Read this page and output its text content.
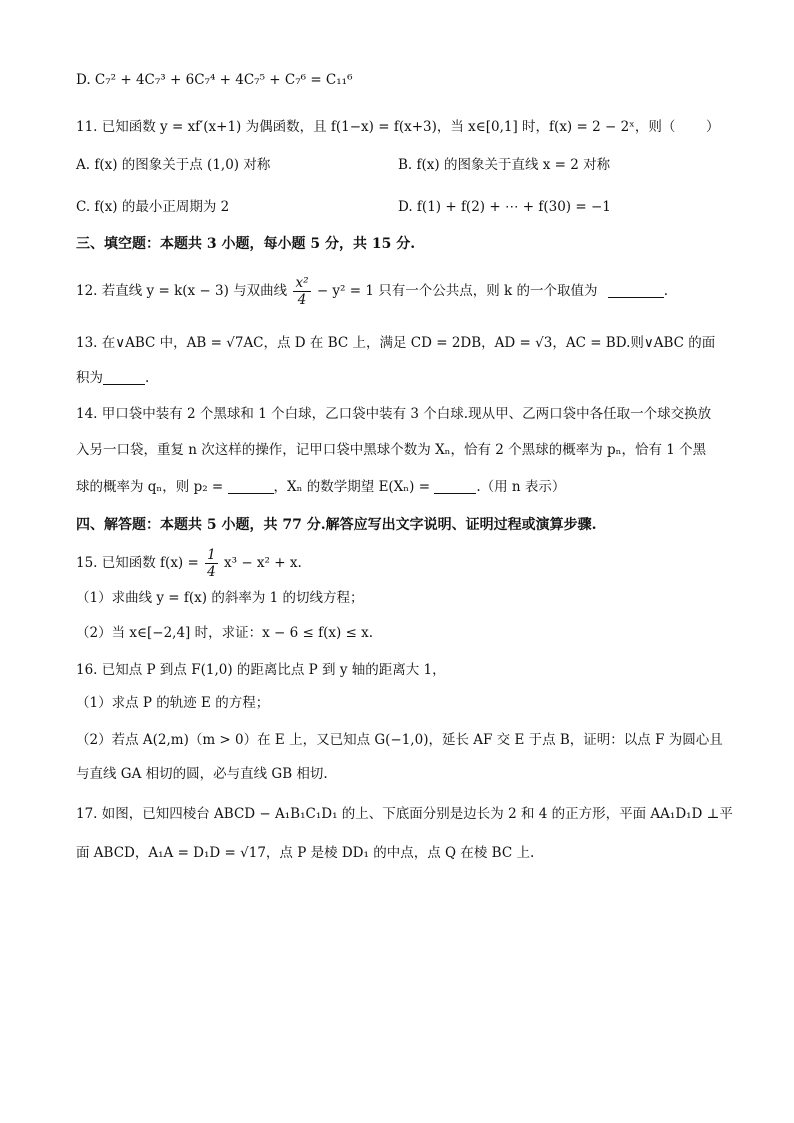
D. C₇² + 4C₇³ + 6C₇⁴ + 4C₇⁵ + C₇⁶ = C₁₁⁶
11. 已知函数 y = xf′(x+1) 为偶函数，且 f(1−x) = f(x+3)，当 x∈[0,1] 时，f(x) = 2 − 2ˣ，则（ ）
A. f(x) 的图象关于点 (1,0) 对称	B. f(x) 的图象关于直线 x = 2 对称
C. f(x) 的最小正周期为 2	D. f(1) + f(2) + ⋯ + f(30) = −1
三、填空题：本题共 3 小题，每小题 5 分，共 15 分.
12. 若直线 y = k(x − 3) 与双曲线 $\frac{\text{x²}}{4} - y^2 = 1$ 只有一个公共点，则 k 的一个取值为	.
13. 在∨ABC 中，AB = √7AC，点 D 在 BC 上，满足 CD = 2DB，AD = √3，AC = BD.则∨ABC 的面
积为	.
14. 甲口袋中装有 2 个黑球和 1 个白球，乙口袋中装有 3 个白球.现从甲、乙两口袋中各任取一个球交换放
入另一口袋，重复 n 次这样的操作，记甲口袋中黑球个数为 Xₙ，恰有 2 个黑球的概率为 pₙ，恰有 1 个黑
球的概率为 qₙ，则 p₂ =	，Xₙ 的数学期望 E(Xₙ) =	.（用 n 表示）
四、解答题：本题共 5 小题，共 77 分.解答应写出文字说明、证明过程或演算步骤.
15. 已知函数 $f(x) = \frac{1}{4} x^3 - x^2 + x$.
（1）求曲线 y = f(x) 的斜率为 1 的切线方程；
（2）当 x∈[−2,4] 时，求证：x − 6 ≤ f(x) ≤ x.
16. 已知点 P 到点 F(1,0) 的距离比点 P 到 y 轴的距离大 1，
（1）求点 P 的轨迹 E 的方程；
（2）若点 A(2,m)（m > 0）在 E 上，又已知点 G(−1,0)，延长 AF 交 E 于点 B，证明：以点 F 为圆心且
与直线 GA 相切的圆，必与直线 GB 相切.
17. 如图，已知四棱台 ABCD − A₁B₁C₁D₁ 的上、下底面分别是边长为 2 和 4 的正方形，平面 AA₁D₁D ⊥平
面 ABCD，A₁A = D₁D = √17，点 P 是棱 DD₁ 的中点，点 Q 在棱 BC 上.
